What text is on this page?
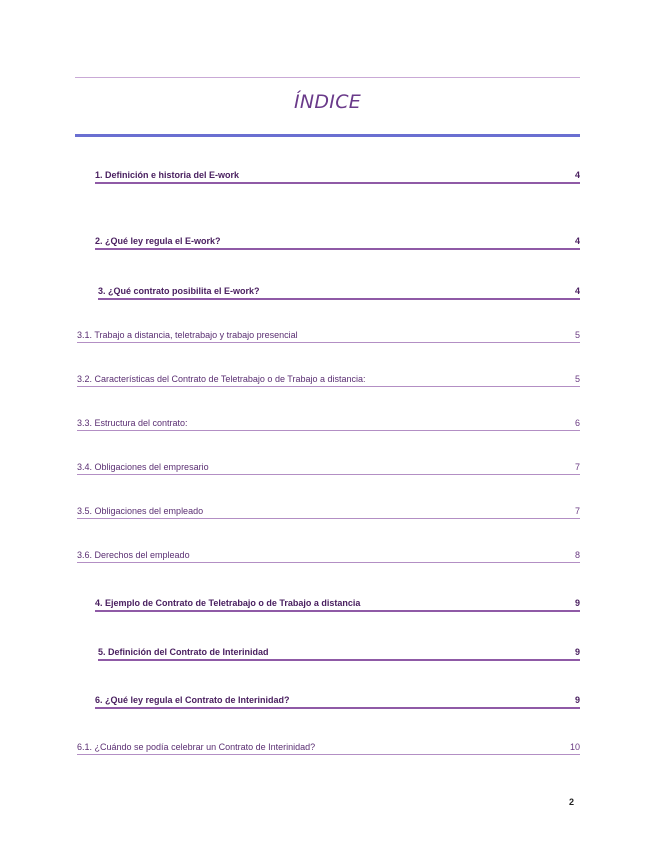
ÍNDICE
1. Definición e historia del E-work	4
2. ¿Qué ley regula el E-work?	4
3. ¿Qué contrato posibilita el E-work?	4
3.1. Trabajo a distancia, teletrabajo y trabajo presencial	5
3.2. Características del Contrato de Teletrabajo o de Trabajo a distancia:	5
3.3. Estructura del contrato:	6
3.4. Obligaciones del empresario	7
3.5. Obligaciones del empleado	7
3.6. Derechos del empleado	8
4. Ejemplo de Contrato de Teletrabajo o de Trabajo a distancia	9
5. Definición del Contrato de Interinidad	9
6. ¿Qué ley regula el Contrato de Interinidad?	9
6.1. ¿Cuándo se podía celebrar un Contrato de Interinidad?	10
2
